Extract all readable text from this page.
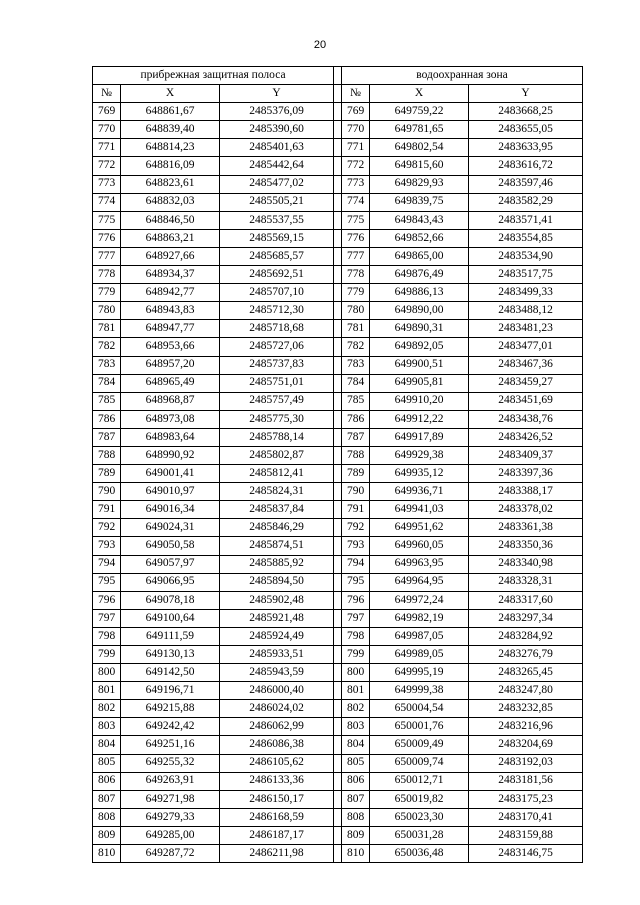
20
прибрежная защитная полоса				водоохранная зона		
№	X	Y		№	X	Y
769	648861,67	2485376,09		769	649759,22	2483668,25
770	648839,40	2485390,60		770	649781,65	2483655,05
771	648814,23	2485401,63		771	649802,54	2483633,95
772	648816,09	2485442,64		772	649815,60	2483616,72
773	648823,61	2485477,02		773	649829,93	2483597,46
774	648832,03	2485505,21		774	649839,75	2483582,29
775	648846,50	2485537,55		775	649843,43	2483571,41
776	648863,21	2485569,15		776	649852,66	2483554,85
777	648927,66	2485685,57		777	649865,00	2483534,90
778	648934,37	2485692,51		778	649876,49	2483517,75
779	648942,77	2485707,10		779	649886,13	2483499,33
780	648943,83	2485712,30		780	649890,00	2483488,12
781	648947,77	2485718,68		781	649890,31	2483481,23
782	648953,66	2485727,06		782	649892,05	2483477,01
783	648957,20	2485737,83		783	649900,51	2483467,36
784	648965,49	2485751,01		784	649905,81	2483459,27
785	648968,87	2485757,49		785	649910,20	2483451,69
786	648973,08	2485775,30		786	649912,22	2483438,76
787	648983,64	2485788,14		787	649917,89	2483426,52
788	648990,92	2485802,87		788	649929,38	2483409,37
789	649001,41	2485812,41		789	649935,12	2483397,36
790	649010,97	2485824,31		790	649936,71	2483388,17
791	649016,34	2485837,84		791	649941,03	2483378,02
792	649024,31	2485846,29		792	649951,62	2483361,38
793	649050,58	2485874,51		793	649960,05	2483350,36
794	649057,97	2485885,92		794	649963,95	2483340,98
795	649066,95	2485894,50		795	649964,95	2483328,31
796	649078,18	2485902,48		796	649972,24	2483317,60
797	649100,64	2485921,48		797	649982,19	2483297,34
798	649111,59	2485924,49		798	649987,05	2483284,92
799	649130,13	2485933,51		799	649989,05	2483276,79
800	649142,50	2485943,59		800	649995,19	2483265,45
801	649196,71	2486000,40		801	649999,38	2483247,80
802	649215,88	2486024,02		802	650004,54	2483232,85
803	649242,42	2486062,99		803	650001,76	2483216,96
804	649251,16	2486086,38		804	650009,49	2483204,69
805	649255,32	2486105,62		805	650009,74	2483192,03
806	649263,91	2486133,36		806	650012,71	2483181,56
807	649271,98	2486150,17		807	650019,82	2483175,23
808	649279,33	2486168,59		808	650023,30	2483170,41
809	649285,00	2486187,17		809	650031,28	2483159,88
810	649287,72	2486211,98		810	650036,48	2483146,75
